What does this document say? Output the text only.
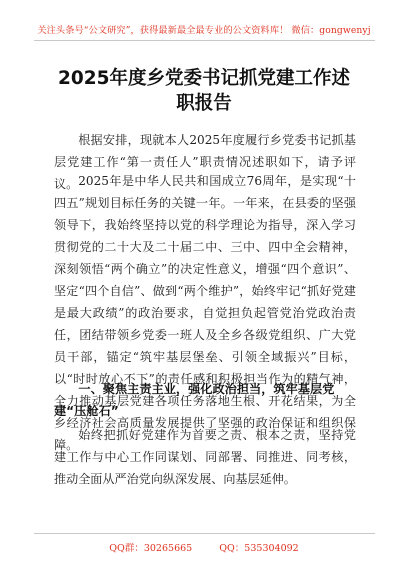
关注头条号“公文研究”，获得最新最全最专业的公文资料库！ 微信：gongwenyj
2025年度乡党委书记抓党建工作述职报告

根据安排，现就本人2025年度履行乡党委书记抓基层党建工作“第一责任人”职责情况述职如下，请予评议。 2025年是中华人民共和国成立76周年，是实现“十四五”规划目标任务的关键一年。一年来，在县委的坚强领导下，我始终坚持以党的科学理论为指导，深入学习贯彻党的二十大及二十届二中、三中、四中全会精神，深刻领悟“两个确立”的决定性意义，增强“四个意识”、坚定“四个自信”、做到“两个维护”，始终牢记“抓好党建是最大政绩”的政治要求，自觉担负起管党治党政治责任，团结带领乡党委一班人及全乡各级党组织、广大党员干部，锚定“筑牢基层堡垒、引领全域振兴”目标，以“时时放心不下”的责任感和积极担当作为的精气神，全力推动基层党建各项任务落地生根、开花结果，为全乡经济社会高质量发展提供了坚强的政治保证和组织保障。

一、聚焦主责主业，强化政治担当，筑牢基层党建“压舱石”

始终把抓好党建作为首要之责、根本之责，坚持党建工作与中心工作同谋划、同部署、同推进、同考核，推动全面从严治党向纵深发展、向基层延伸。

QQ群：30265665	QQ：535304092
